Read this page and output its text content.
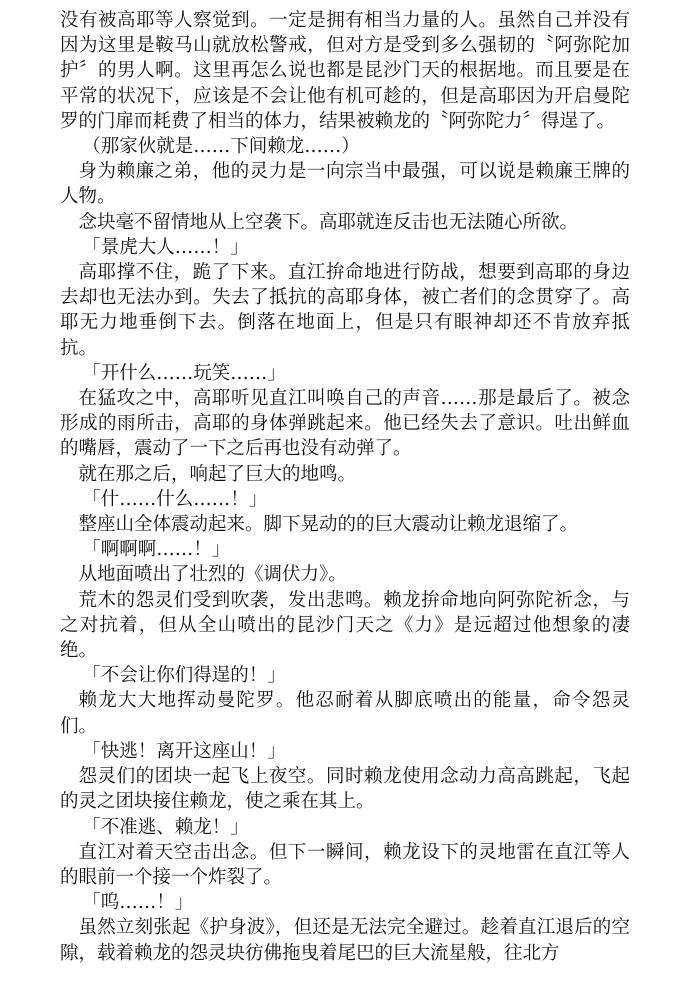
没有被高耶等人察觉到。一定是拥有相当力量的人。虽然自己并没有因为这里是鞍马山就放松警戒，但对方是受到多么强韧的〝阿弥陀加护〞的男人啊。这里再怎么说也都是昆沙门天的根据地。而且要是在平常的状况下，应该是不会让他有机可趁的，但是高耶因为开启曼陀罗的门扉而耗费了相当的体力，结果被赖龙的〝阿弥陀力〞得逞了。

（那家伙就是……下间赖龙……）

身为赖廉之弟，他的灵力是一向宗当中最强，可以说是赖廉王牌的人物。

念块毫不留情地从上空袭下。高耶就连反击也无法随心所欲。

「景虎大人……！」

高耶撑不住，跪了下来。直江拚命地进行防战，想要到高耶的身边去却也无法办到。失去了抵抗的高耶身体，被亡者们的念贯穿了。高耶无力地垂倒下去。倒落在地面上，但是只有眼神却还不肯放弃抵抗。

「开什么……玩笑……」

在猛攻之中，高耶听见直江叫唤自己的声音……那是最后了。被念形成的雨所击，高耶的身体弹跳起来。他已经失去了意识。吐出鲜血的嘴唇，震动了一下之后再也没有动弹了。

就在那之后，响起了巨大的地鸣。

「什……什么……！」

整座山全体震动起来。脚下晃动的的巨大震动让赖龙退缩了。

「啊啊啊……！」

从地面喷出了壮烈的《调伏力》。

荒木的怨灵们受到吹袭，发出悲鸣。赖龙拚命地向阿弥陀祈念，与之对抗着，但从全山喷出的昆沙门天之《力》是远超过他想象的凄绝。

「不会让你们得逞的！」

赖龙大大地挥动曼陀罗。他忍耐着从脚底喷出的能量，命令怨灵们。

「快逃！离开这座山！」

怨灵们的团块一起飞上夜空。同时赖龙使用念动力高高跳起，飞起的灵之团块接住赖龙，使之乘在其上。

「不准逃、赖龙！」

直江对着天空击出念。但下一瞬间，赖龙设下的灵地雷在直江等人的眼前一个接一个炸裂了。

「呜……！」

虽然立刻张起《护身波》，但还是无法完全避过。趁着直江退后的空隙，载着赖龙的怨灵块彷佛拖曳着尾巴的巨大流星般，往北方
